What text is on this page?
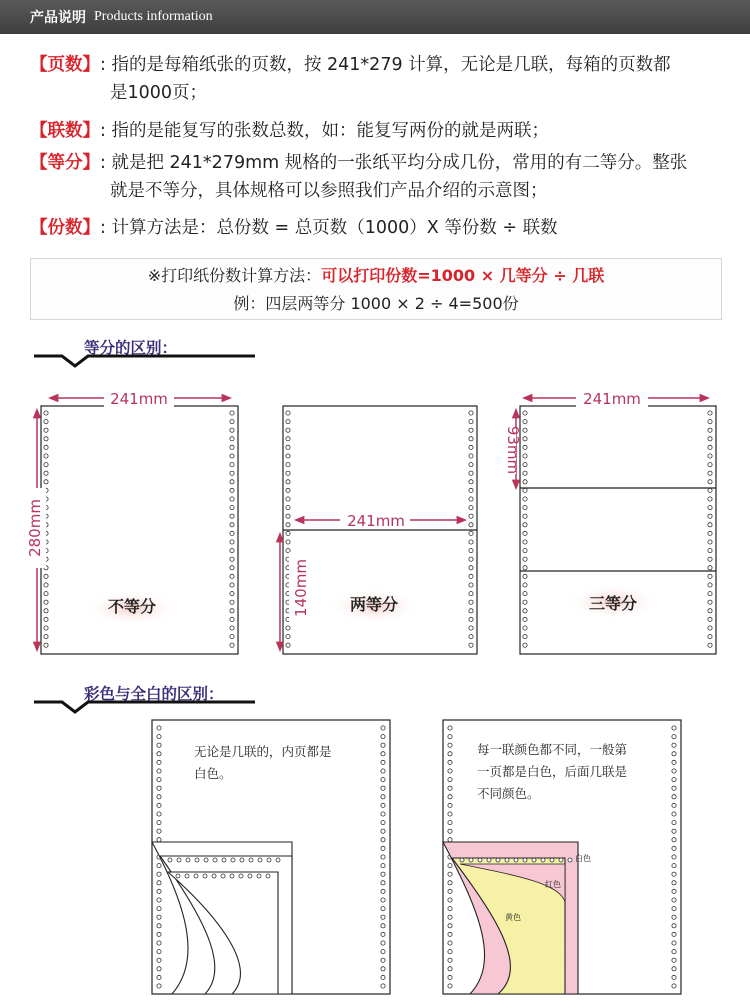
产品说明 Products information
【页数】: 指的是每箱纸张的页数，按 241*279 计算，无论是几联，每箱的页数都
是1000页；
【联数】: 指的是能复写的张数总数，如：能复写两份的就是两联；
【等分】: 就是把 241*279mm 规格的一张纸平均分成几份，常用的有二等分。整张
就是不等分，具体规格可以参照我们产品介绍的示意图；
【份数】: 计算方法是：总份数 = 总页数（1000）X 等份数 ÷ 联数
※打印纸份数计算方法：可以打印份数=1000 × 几等分 ÷ 几联
例：四层两等分 1000 × 2 ÷ 4=500份
等分的区别：
241mm
280mm
不等分
241mm
140mm 两等分
241mm
93mm
三等分
彩色与全白的区别：
无论是几联的，内页都是
白色。
白色
红色
黄色
每一联颜色都不同，一般第
一页都是白色，后面几联是
不同颜色。
